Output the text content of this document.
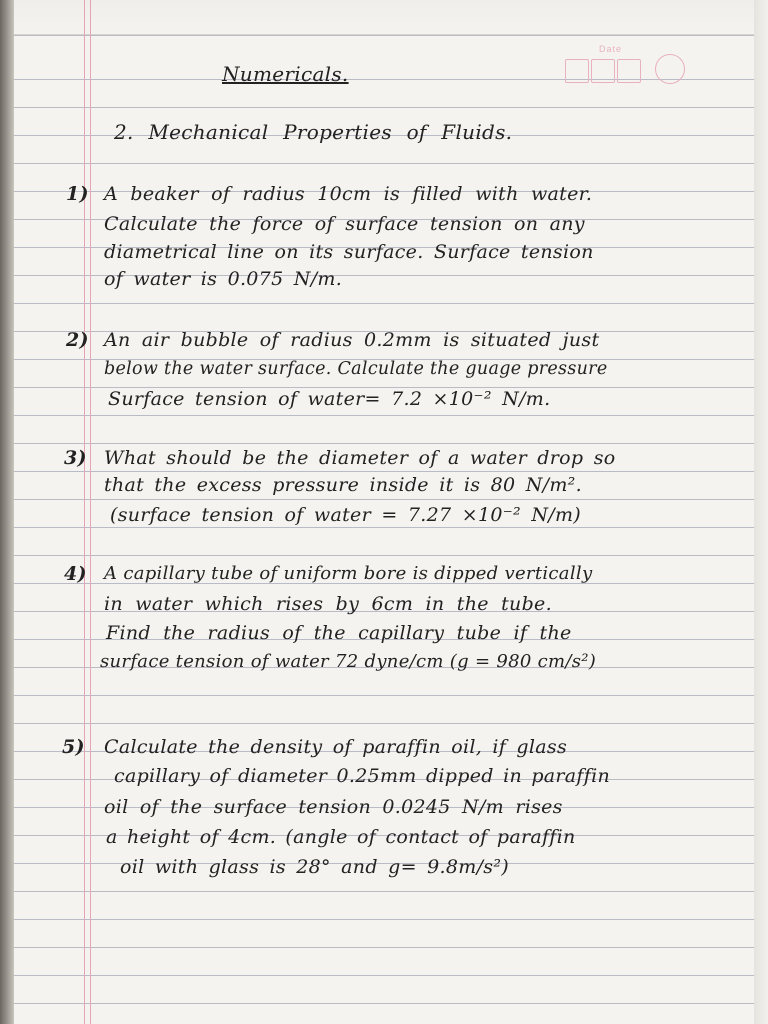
Date
Numericals.
2. Mechanical Properties of Fluids.
1) A beaker of radius 10cm is filled with water.
Calculate the force of surface tension on any
diametrical line on its surface. Surface tension
of water is 0.075 N/m.
2) An air bubble of radius 0.2mm is situated just
below the water surface. Calculate the guage pressure
Surface tension of water= 7.2 ×10⁻² N/m.
3) What should be the diameter of a water drop so
that the excess pressure inside it is 80 N/m².
(surface tension of water = 7.27 ×10⁻² N/m)
4) A capillary tube of uniform bore is dipped vertically
in water which rises by 6cm in the tube.
Find the radius of the capillary tube if the
surface tension of water 72 dyne/cm (g = 980 cm/s²)
5) Calculate the density of paraffin oil, if glass
capillary of diameter 0.25mm dipped in paraffin
oil of the surface tension 0.0245 N/m rises
a height of 4cm. (angle of contact of paraffin
oil with glass is 28° and g= 9.8m/s²)
